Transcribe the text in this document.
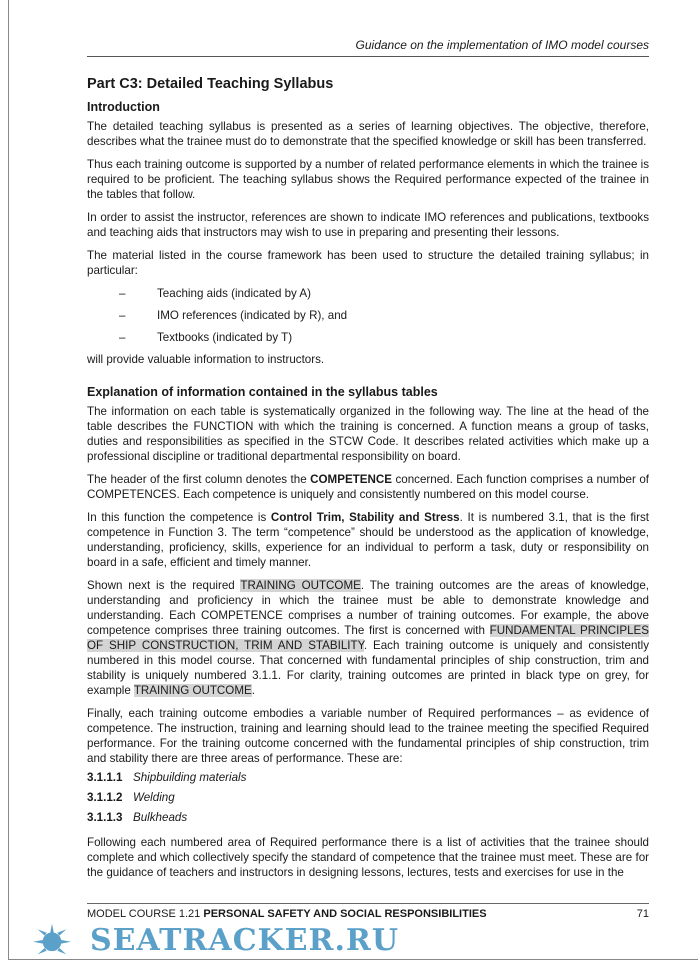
Guidance on the implementation of IMO model courses
Part C3: Detailed Teaching Syllabus
Introduction

The detailed teaching syllabus is presented as a series of learning objectives. The objective, therefore, describes what the trainee must do to demonstrate that the specified knowledge or skill has been transferred.

Thus each training outcome is supported by a number of related performance elements in which the trainee is required to be proficient. The teaching syllabus shows the Required performance expected of the trainee in the tables that follow.

In order to assist the instructor, references are shown to indicate IMO references and publications, textbooks and teaching aids that instructors may wish to use in preparing and presenting their lessons.

The material listed in the course framework has been used to structure the detailed training syllabus; in particular:

–	Teaching aids (indicated by A)
–	IMO references (indicated by R), and
–	Textbooks (indicated by T)

will provide valuable information to instructors.

Explanation of information contained in the syllabus tables

The information on each table is systematically organized in the following way. The line at the head of the table describes the FUNCTION with which the training is concerned. A function means a group of tasks, duties and responsibilities as specified in the STCW Code. It describes related activities which make up a professional discipline or traditional departmental responsibility on board.

The header of the first column denotes the COMPETENCE concerned. Each function comprises a number of COMPETENCES. Each competence is uniquely and consistently numbered on this model course.

In this function the competence is Control Trim, Stability and Stress. It is numbered 3.1, that is the first competence in Function 3. The term “competence” should be understood as the application of knowledge, understanding, proficiency, skills, experience for an individual to perform a task, duty or responsibility on board in a safe, efficient and timely manner.

Shown next is the required TRAINING OUTCOME. The training outcomes are the areas of knowledge, understanding and proficiency in which the trainee must be able to demonstrate knowledge and understanding. Each COMPETENCE comprises a number of training outcomes. For example, the above competence comprises three training outcomes. The first is concerned with FUNDAMENTAL PRINCIPLES OF SHIP CONSTRUCTION, TRIM AND STABILITY. Each training outcome is uniquely and consistently numbered in this model course. That concerned with fundamental principles of ship construction, trim and stability is uniquely numbered 3.1.1. For clarity, training outcomes are printed in black type on grey, for example TRAINING OUTCOME.

Finally, each training outcome embodies a variable number of Required performances – as evidence of competence. The instruction, training and learning should lead to the trainee meeting the specified Required performance. For the training outcome concerned with the fundamental principles of ship construction, trim and stability there are three areas of performance. These are:

3.1.1.1 Shipbuilding materials
3.1.1.2 Welding
3.1.1.3 Bulkheads

Following each numbered area of Required performance there is a list of activities that the trainee should complete and which collectively specify the standard of competence that the trainee must meet. These are for the guidance of teachers and instructors in designing lessons, lectures, tests and exercises for use in the

MODEL COURSE 1.21 PERSONAL SAFETY AND SOCIAL RESPONSIBILITIES	71
SEATRACKER.RU
